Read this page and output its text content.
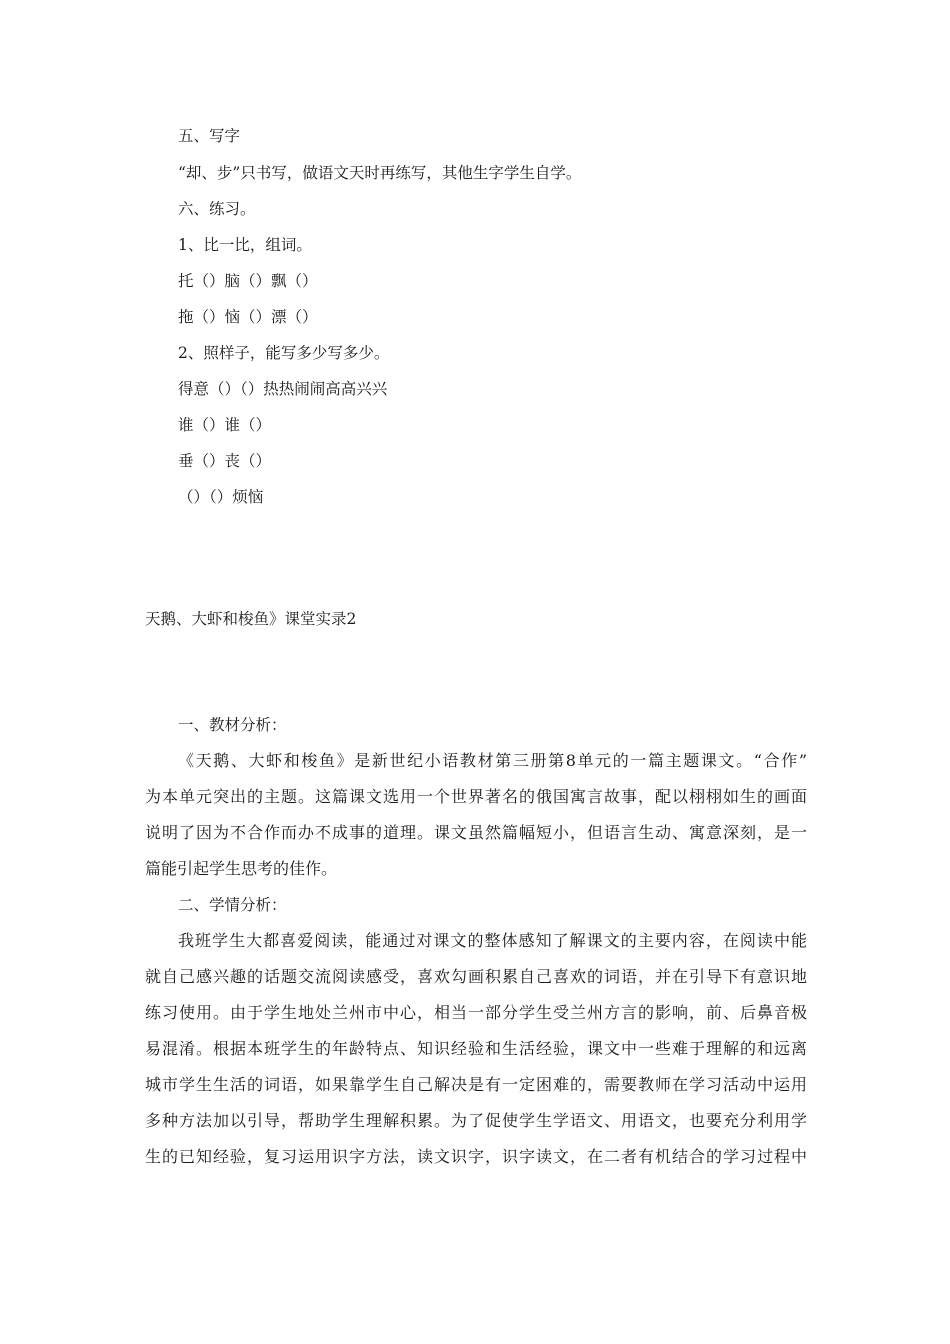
五、写字
“却、步”只书写，做语文天时再练写，其他生字学生自学。
六、练习。
1、比一比，组词。
托（）脑（）飘（）
拖（）恼（）漂（）
2、照样子，能写多少写多少。
得意（）（）热热闹闹高高兴兴
谁（）谁（）
垂（）丧（）
（）（）烦恼
天鹅、大虾和梭鱼》课堂实录2
一、教材分析：
《天鹅、大虾和梭鱼》是新世纪小语教材第三册第8单元的一篇主题课文。“合作”
为本单元突出的主题。这篇课文选用一个世界著名的俄国寓言故事，配以栩栩如生的画面
说明了因为不合作而办不成事的道理。课文虽然篇幅短小，但语言生动、寓意深刻，是一
篇能引起学生思考的佳作。
二、学情分析：
我班学生大都喜爱阅读，能通过对课文的整体感知了解课文的主要内容，在阅读中能
就自己感兴趣的话题交流阅读感受，喜欢勾画积累自己喜欢的词语，并在引导下有意识地
练习使用。由于学生地处兰州市中心，相当一部分学生受兰州方言的影响，前、后鼻音极
易混淆。根据本班学生的年龄特点、知识经验和生活经验，课文中一些难于理解的和远离
城市学生生活的词语，如果靠学生自己解决是有一定困难的，需要教师在学习活动中运用
多种方法加以引导，帮助学生理解积累。为了促使学生学语文、用语文，也要充分利用学
生的已知经验，复习运用识字方法，读文识字，识字读文，在二者有机结合的学习过程中
